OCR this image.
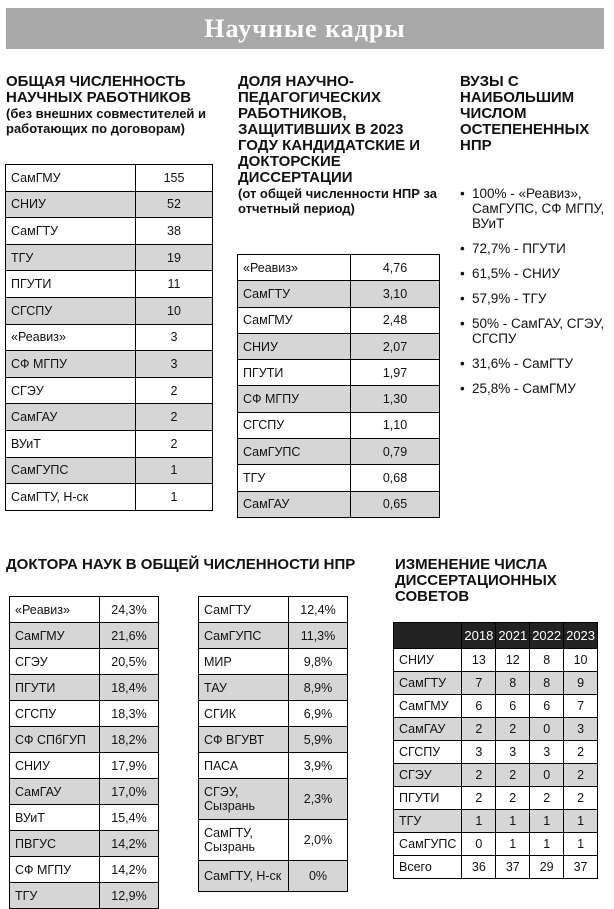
Научные кадры
ОБЩАЯ ЧИСЛЕННОСТЬ НАУЧНЫХ РАБОТНИКОВ
(без внешних совместителей и работающих по договорам)
СамГМУ	155
СНИУ	52
СамГТУ	38
ТГУ	19
ПГУТИ	11
СГСПУ	10
«Реавиз»	3
СФ МГПУ	3
СГЭУ	2
СамГАУ	2
ВУиТ	2
СамГУПС	1
СамГТУ, Н-ск	1
ДОЛЯ НАУЧНО-ПЕДАГОГИЧЕСКИХ РАБОТНИКОВ, ЗАЩИТИВШИХ В 2023 ГОДУ КАНДИДАТСКИЕ И ДОКТОРСКИЕ ДИССЕРТАЦИИ
(от общей численности НПР за отчетный период)
«Реавиз»	4,76
СамГТУ	3,10
СамГМУ	2,48
СНИУ	2,07
ПГУТИ	1,97
СФ МГПУ	1,30
СГСПУ	1,10
СамГУПС	0,79
ТГУ	0,68
СамГАУ	0,65
ВУЗЫ С НАИБОЛЬШИМ ЧИСЛОМ ОСТЕПЕНЕННЫХ НПР
• 100% - «Реавиз», СамГУПС, СФ МГПУ, ВУиТ
• 72,7% - ПГУТИ
• 61,5% - СНИУ
• 57,9% - ТГУ
• 50% - СамГАУ, СГЭУ, СГСПУ
• 31,6% - СамГТУ
• 25,8% - СамГМУ
ДОКТОРА НАУК В ОБЩЕЙ ЧИСЛЕННОСТИ НПР
«Реавиз»	24,3%
СамГМУ	21,6%
СГЭУ	20,5%
ПГУТИ	18,4%
СГСПУ	18,3%
СФ СПбГУП	18,2%
СНИУ	17,9%
СамГАУ	17,0%
ВУиТ	15,4%
ПВГУС	14,2%
СФ МГПУ	14,2%
ТГУ	12,9%
СамГТУ	12,4%
СамГУПС	11,3%
МИР	9,8%
ТАУ	8,9%
СГИК	6,9%
СФ ВГУВТ	5,9%
ПАСА	3,9%
СГЭУ, Сызрань	2,3%
СамГТУ, Сызрань	2,0%
СамГТУ, Н-ск	0%
ИЗМЕНЕНИЕ ЧИСЛА ДИССЕРТАЦИОННЫХ СОВЕТОВ
	2018	2021	2022	2023
СНИУ	13	12	8	10
СамГТУ	7	8	8	9
СамГМУ	6	6	6	7
СамГАУ	2	2	0	3
СГСПУ	3	3	3	2
СГЭУ	2	2	0	2
ПГУТИ	2	2	2	2
ТГУ	1	1	1	1
СамГУПС	0	1	1	1
Всего	36	37	29	37
